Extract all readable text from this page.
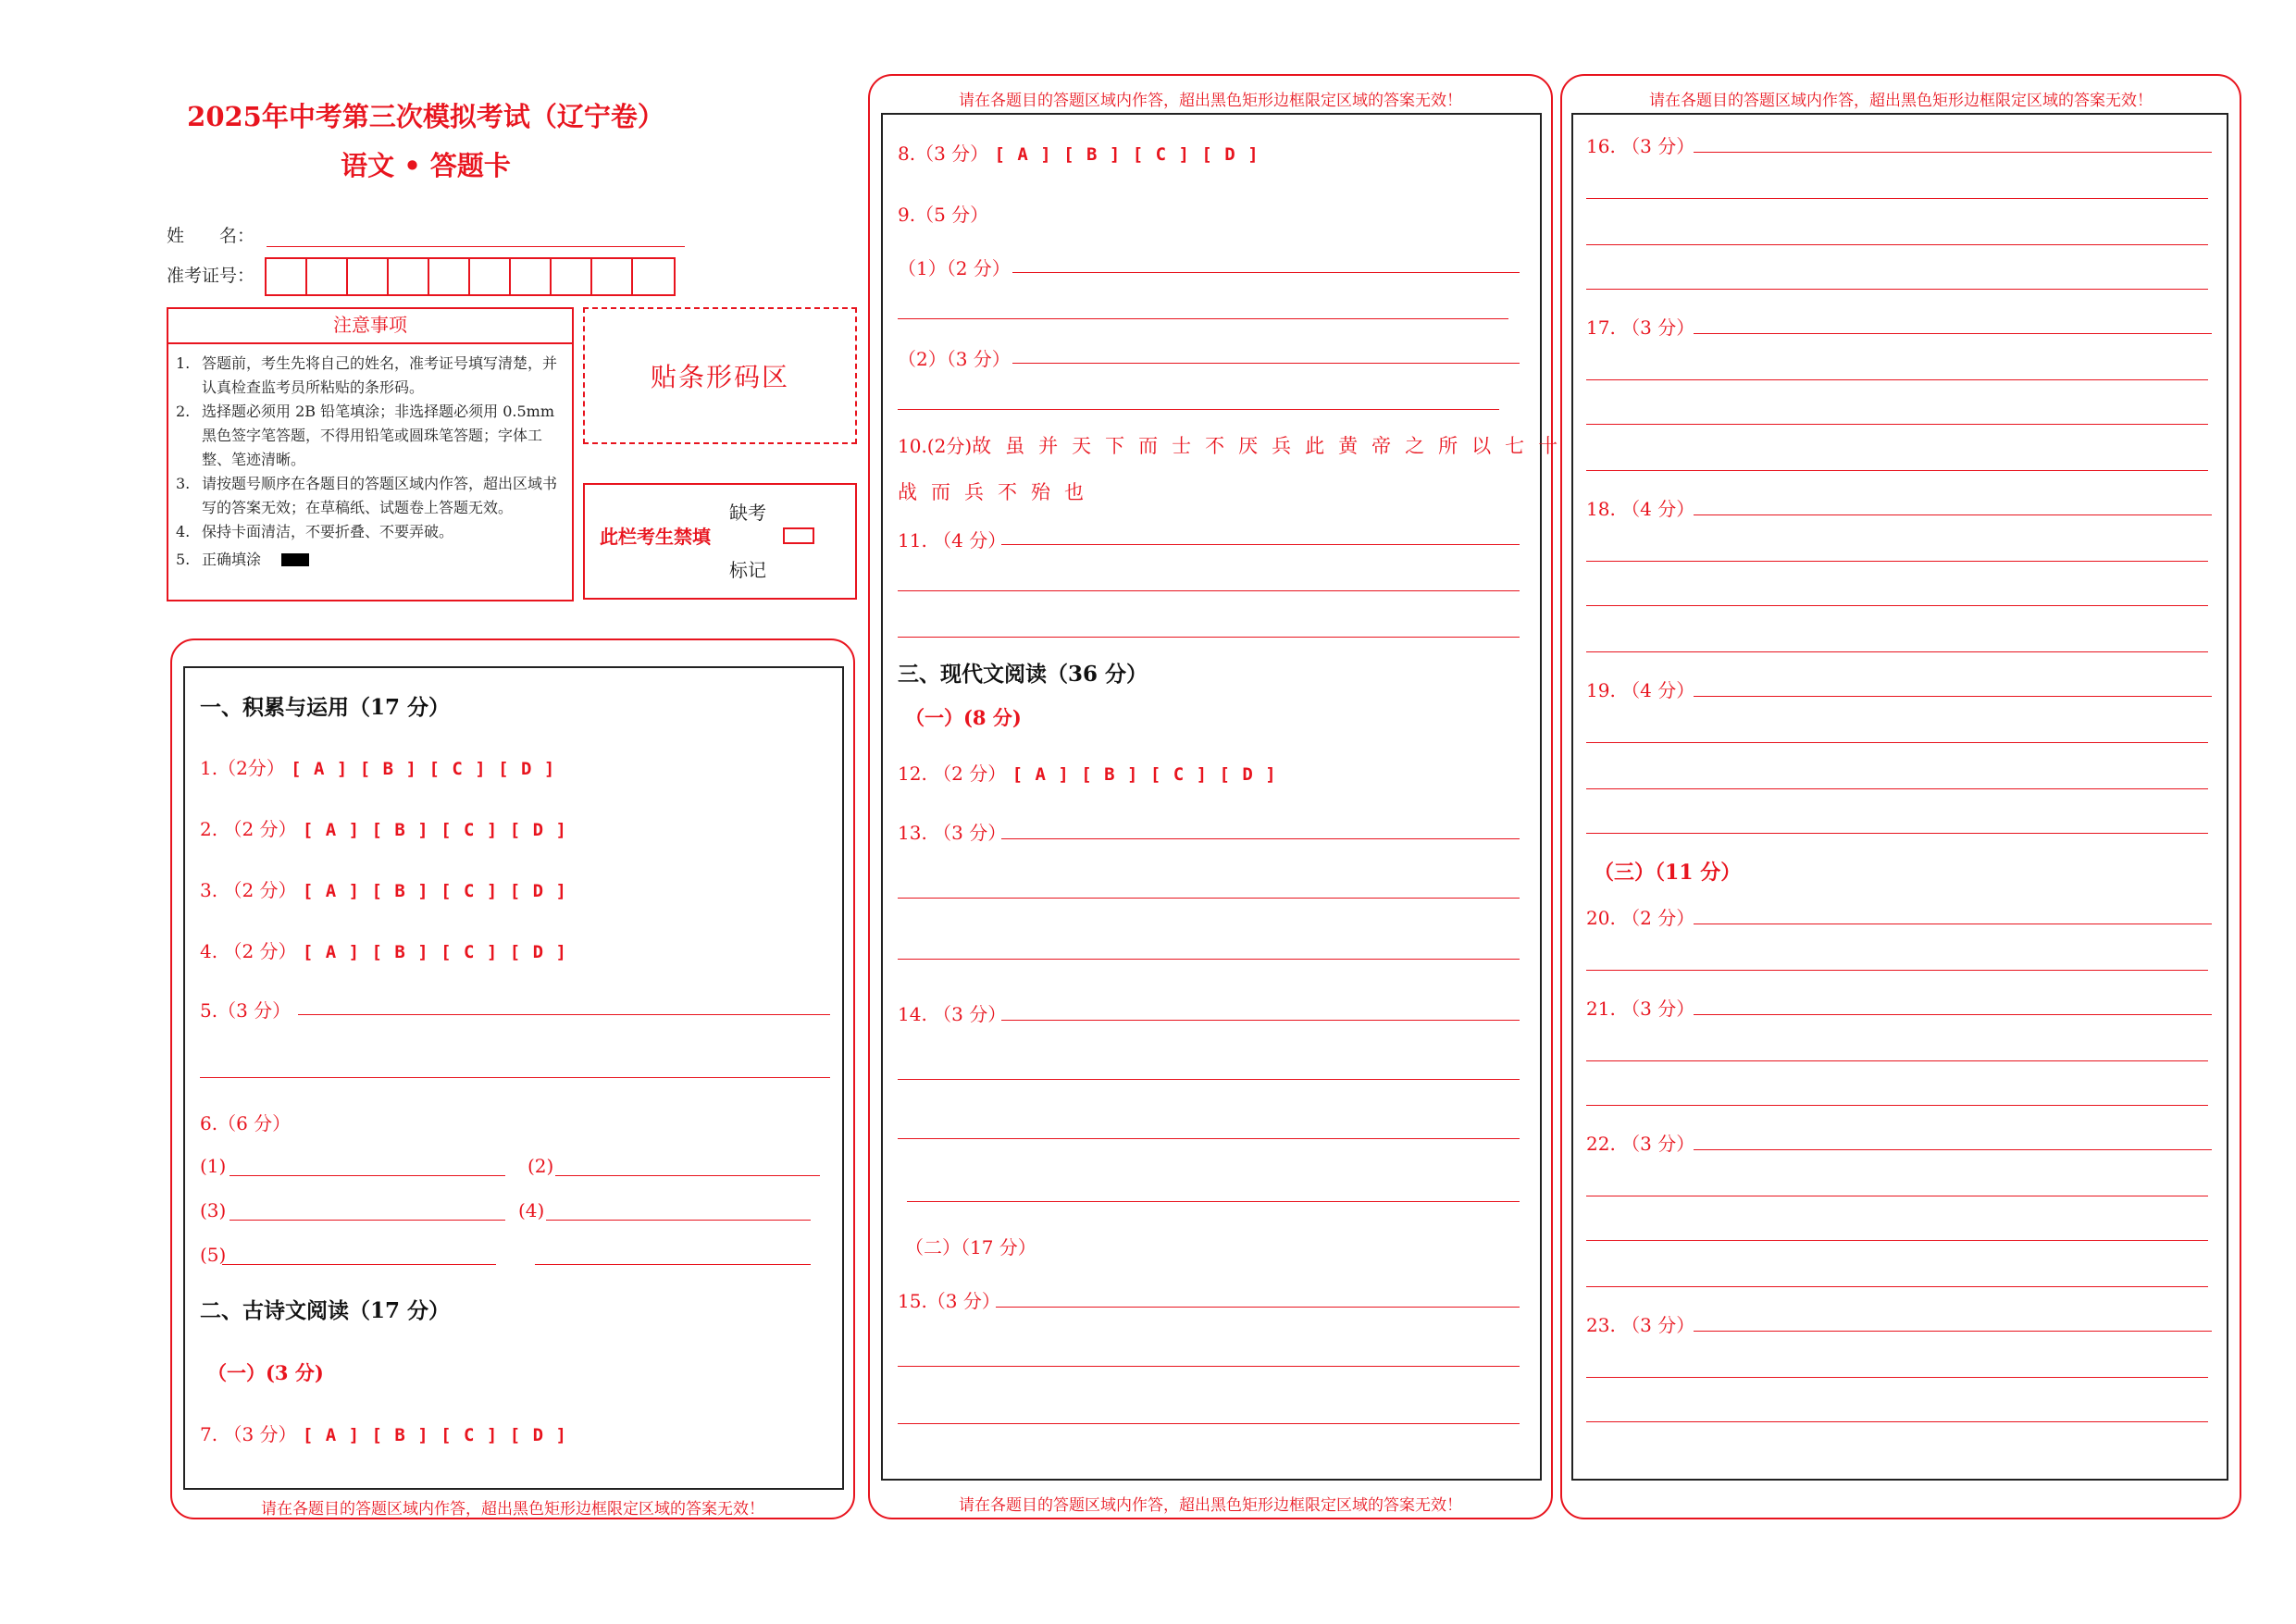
2025年中考第三次模拟考试（辽宁卷）
语文 • 答题卡
姓　　名：
准考证号：
注意事项
1. 答题前，考生先将自己的姓名，准考证号填写清楚，并认真检查监考员所粘贴的条形码。
2. 选择题必须用 2B 铅笔填涂；非选择题必须用 0.5mm 黑色签字笔答题，不得用铅笔或圆珠笔答题；字体工整、笔迹清晰。
3. 请按题号顺序在各题目的答题区域内作答，超出区域书写的答案无效；在草稿纸、试题卷上答题无效。
4. 保持卡面清洁，不要折叠、不要弄破。
5. 正确填涂
贴条形码区
此栏考生禁填
缺考
标记
请在各题目的答题区域内作答，超出黑色矩形边框限定区域的答案无效！
一、积累与运用（17 分）
1.（2分） [ A ] [ B ] [ C ] [ D ]
2. （2 分） [ A ] [ B ] [ C ] [ D ]
3. （2 分） [ A ] [ B ] [ C ] [ D ]
4. （2 分） [ A ] [ B ] [ C ] [ D ]
5.（3 分）
6.（6 分）
(1)	(2)
(3)	(4)
(5)
二、古诗文阅读（17 分）
（一）(3 分)
7. （3 分） [ A ] [ B ] [ C ] [ D ]
请在各题目的答题区域内作答，超出黑色矩形边框限定区域的答案无效！
请在各题目的答题区域内作答，超出黑色矩形边框限定区域的答案无效！
8.（3 分） [ A ] [ B ] [ C ] [ D ]
9.（5 分）
（1）（2 分）
（2）（3 分）
10.(2分)故虽并天下而士不厌兵此黄帝之所以七十
战而兵不殆也
11. （4 分）
三、现代文阅读（36 分）
（一）(8 分)
12. （2 分） [ A ] [ B ] [ C ] [ D ]
13. （3 分）
14. （3 分）
（二）（17 分）
15.（3 分）
请在各题目的答题区域内作答，超出黑色矩形边框限定区域的答案无效！
16. （3 分）
17. （3 分）
18. （4 分）
19. （4 分）
（三）（11 分）
20. （2 分）
21. （3 分）
22. （3 分）
23. （3 分）
